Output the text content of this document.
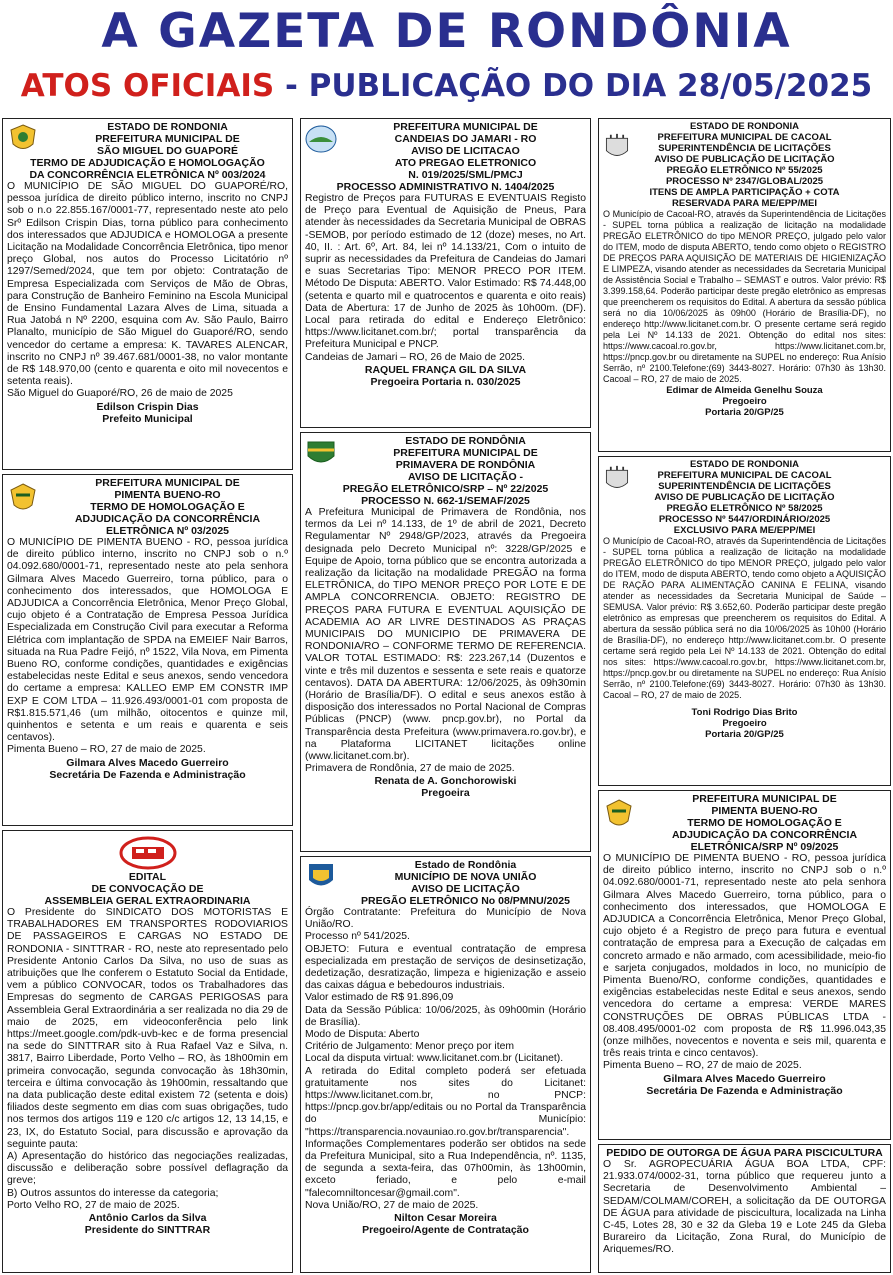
A GAZETA DE RONDÔNIA
ATOS OFICIAIS - PUBLICAÇÃO DO DIA 28/05/2025
ESTADO DE RONDONIA
PREFEITURA MUNICIPAL DE
SÃO MIGUEL DO GUAPORÉ
TERMO DE ADJUDICAÇÃO E HOMOLOGAÇÃO
DA CONCORRÊNCIA ELETRÔNICA Nº 003/2024

O MUNICÍPIO DE SÃO MIGUEL DO GUAPORÉ/RO, pessoa jurídica de direito público interno, inscrito no CNPJ sob o n.o 22.855.167/0001-77, representado neste ato pelo Srº Edilson Crispin Dias, torna público para conhecimento dos interessados que ADJUDICA e HOMOLOGA a presente Licitação na Modalidade Concorrência Eletrônica, tipo menor preço Global, nos autos do Processo Licitatório nº 1297/Semed/2024, que tem por objeto: Contratação de Empresa Especializada com Serviços de Mão de Obras, para Construção de Banheiro Feminino na Escola Municipal de Ensino Fundamental Lazara Alves de Lima, situada a Rua Jatobá n Nº 2200, esquina com Av. São Paulo, Bairro Planalto, município de São Miguel do Guaporé/RO, sendo vencedor do certame a empresa: K. TAVARES ALENCAR, inscrito no CNPJ nº 39.467.681/0001-38, no valor montante de R$ 148.970,00 (cento e quarenta e oito mil novecentos e setenta reais).

São Miguel do Guaporé/RO, 26 de maio de 2025

Edilson Crispin Dias
Prefeito Municipal
PREFEITURA MUNICIPAL DE
PIMENTA BUENO-RO
TERMO DE HOMOLOGAÇÃO E
ADJUDICAÇÃO DA CONCORRÊNCIA
ELETRÔNICA Nº 03/2025

O MUNICÍPIO DE PIMENTA BUENO - RO, pessoa jurídica de direito público interno, inscrito no CNPJ sob o n.º 04.092.680/0001-71, representado neste ato pela senhora Gilmara Alves Macedo Guerreiro, torna público, para o conhecimento dos interessados, que HOMOLOGA E ADJUDICA a Concorrência Eletrônica, Menor Preço Global, cujo objeto é a Contratação de Empresa Pessoa Jurídica Especializada em Construção Civil para executar a Reforma Elétrica com implantação de SPDA na EMEIEF Nair Barros, situada na Rua Padre Feijó, nº 1522, Vila Nova, em Pimenta Bueno RO, conforme condições, quantidades e exigências estabelecidas neste Edital e seus anexos, sendo vencedora do certame a empresa: KALLEO EMP EM CONSTR IMP EXP E COM LTDA – 11.926.493/0001-01 com proposta de R$1.815.571,46 (um milhão, oitocentos e quinze mil, quinhentos e setenta e um reais e quarenta e seis centavos).

Pimenta Bueno – RO, 27 de maio de 2025.

Gilmara Alves Macedo Guerreiro
Secretária De Fazenda e Administração
EDITAL
DE CONVOCAÇÃO DE
ASSEMBLEIA GERAL EXTRAORDINARIA

O Presidente do SINDICATO DOS MOTORISTAS E TRABALHADORES EM TRANSPORTES RODOVIARIOS DE PASSAGEIROS E CARGAS NO ESTADO DE RONDONIA - SINTTRAR - RO, neste ato representado pelo Presidente Antonio Carlos Da Silva, no uso de suas as atribuições que lhe conferem o Estatuto Social da Entidade, vem a público CONVOCAR, todos os Trabalhadores das Empresas do segmento de CARGAS PERIGOSAS para Assembleia Geral Extraordinária a ser realizada no dia 29 de maio de 2025, em videoconferência pelo link https://meet.google.com/pdk-uvb-kec e de forma presencial na sede do SINTTRAR sito à Rua Rafael Vaz e Silva, n. 3817, Bairro Liberdade, Porto Velho – RO, às 18h00min em primeira convocação, segunda convocação às 18h30min, terceira e última convocação às 19h00min, ressaltando que na data publicação deste edital existem 72 (setenta e dois) filiados deste segmento em dias com suas obrigações, tudo nos termos dos artigos 119 e 120 c/c artigos 12, 13 14,15, e 23, IX, do Estatuto Social, para discussão e aprovação da seguinte pauta:

A) Apresentação do histórico das negociações realizadas, discussão e deliberação sobre possível deflagração da greve;

B) Outros assuntos do interesse da categoria;

Porto Velho RO, 27 de maio de 2025.

Antônio Carlos da Silva
Presidente do SINTTRAR
PREFEITURA MUNICIPAL DE
CANDEIAS DO JAMARI - RO
AVISO DE LICITACAO
ATO PREGAO ELETRONICO
N. 019/2025/SML/PMCJ
PROCESSO ADMINISTRATIVO N. 1404/2025

Registro de Preços para FUTURAS E EVENTUAIS Registo de Preço para Eventual de Aquisição de Pneus, Para atender às necessidades da Secretaria Municipal de OBRAS -SEMOB, por período estimado de 12 (doze) meses, no Art. 40, II. : Art. 6º, Art. 84, lei nº 14.133/21, Com o intuito de suprir as necessidades da Prefeitura de Candeias do Jamari e suas Secretarias Tipo: MENOR PRECO POR ITEM. Método De Disputa: ABERTO. Valor Estimado: R$ 74.448,00 (setenta e quarto mil e quatrocentos e quarenta e oito reais) Data de Abertura: 17 de Junho de 2025 às 10h00m. (DF). Local para retirada do edital e Endereço Eletrônico: https://www.licitanet.com.br/; portal transparência da Prefeitura Municipal e PNCP.

Candeias de Jamari – RO, 26 de Maio de 2025.

RAQUEL FRANÇA GIL DA SILVA
Pregoeira Portaria n. 030/2025
ESTADO DE RONDÔNIA
PREFEITURA MUNICIPAL DE
PRIMAVERA DE RONDÔNIA
AVISO DE LICITAÇÃO -
PREGÃO ELETRÔNICO/SRP – Nº 22/2025
PROCESSO N. 662-1/SEMAF/2025

A Prefeitura Municipal de Primavera de Rondônia, nos termos da Lei nº 14.133, de 1º de abril de 2021, Decreto Regulamentar Nº 2948/GP/2023, através da Pregoeira designada pelo Decreto Municipal nº: 3228/GP/2025 e Equipe de Apoio, torna público que se encontra autorizada a realização da licitação na modalidade PREGÃO na forma ELETRÔNICA, do TIPO MENOR PREÇO POR LOTE E DE AMPLA CONCORRENCIA. OBJETO: REGISTRO DE PREÇOS PARA FUTURA E EVENTUAL AQUISIÇÃO DE ACADEMIA AO AR LIVRE DESTINADOS AS PRAÇAS MUNICIPAIS DO MUNICIPIO DE PRIMAVERA DE RONDONIA/RO – CONFORME TERMO DE REFERENCIA. VALOR TOTAL ESTIMADO: R$: 223.267,14 (Duzentos e vinte e três mil duzentos e sessenta e sete reais e quatorze centavos). DATA DA ABERTURA: 12/06/2025, às 09h30min (Horário de Brasília/DF). O edital e seus anexos estão à disposição dos interessados no Portal Nacional de Compras Públicas (PNCP) (www. pncp.gov.br), no Portal da Transparência desta Prefeitura (www.primavera.ro.gov.br), e na Plataforma LICITANET licitações online (www.licitanet.com.br).

Primavera de Rondônia, 27 de maio de 2025.

Renata de A. Gonchorowiski
Pregoeira
Estado de Rondônia
MUNICÍPIO DE NOVA UNIÃO
AVISO DE LICITAÇÃO
PREGÃO ELETRÔNICO No 08/PMNU/2025

Órgão Contratante: Prefeitura do Município de Nova União/RO.

Processo nº 541/2025.

OBJETO: Futura e eventual contratação de empresa especializada em prestação de serviços de desinsetização, dedetização, desratização, limpeza e higienização e asseio das caixas dágua e bebedouros industriais.

Valor estimado de R$ 91.896,09

Data da Sessão Pública: 10/06/2025, às 09h00min (Horário de Brasília).

Modo de Disputa: Aberto

Critério de Julgamento: Menor preço por item

Local da disputa virtual: www.licitanet.com.br (Licitanet).

A retirada do Edital completo poderá ser efetuada gratuitamente nos sites do Licitanet: https://www.licitanet.com.br, no PNCP: https://pncp.gov.br/app/editais ou no Portal da Transparência do Município: "https://transparencia.novauniao.ro.gov.br/transparencia".

Informações Complementares poderão ser obtidos na sede da Prefeitura Municipal, sito a Rua Independência, nº. 1135, de segunda a sexta-feira, das 07h00min, às 13h00min, exceto feriado, e pelo e-mail "falecomniltoncesar@gmail.com".

Nova União/RO, 27 de maio de 2025.

Nilton Cesar Moreira
Pregoeiro/Agente de Contratação
ESTADO DE RONDONIA
PREFEITURA MUNICIPAL DE CACOAL
SUPERINTENDÊNCIA DE LICITAÇÕES
AVISO DE PUBLICAÇÃO DE LICITAÇÃO
PREGÃO ELETRÔNICO Nº 55/2025
PROCESSO Nº 2347/GLOBAL/2025
ITENS DE AMPLA PARTICIPAÇÃO + COTA
RESERVADA PARA ME/EPP/MEI

O Município de Cacoal-RO, através da Superintendência de Licitações - SUPEL torna pública a realização de licitação na modalidade PREGÃO ELETRÔNICO do tipo MENOR PREÇO, julgado pelo valor do ITEM, modo de disputa ABERTO, tendo como objeto o REGISTRO DE PREÇOS PARA AQUISIÇÃO DE MATERIAIS DE HIGIENIZAÇÃO E LIMPEZA, visando atender as necessidades da Secretaria Municipal de Assistência Social e Trabalho – SEMAST e outros. Valor prévio: R$ 3.399.158,64. Poderão participar deste pregão eletrônico as empresas que preencherem os requisitos do Edital. A abertura da sessão pública será no dia 10/06/2025 às 09h00 (Horário de Brasília-DF), no endereço http://www.licitanet.com.br. O presente certame será regido pela Lei Nº 14.133 de 2021. Obtenção do edital nos sites: https://www.cacoal.ro.gov.br, https://www.licitanet.com.br, https://pncp.gov.br ou diretamente na SUPEL no endereço: Rua Anísio Serrão, nº 2100.Telefone:(69) 3443-8027. Horário: 07h30 às 13h30. Cacoal – RO, 27 de maio de 2025.

Edimar de Almeida Genelhu Souza
Pregoeiro
Portaria 20/GP/25
ESTADO DE RONDONIA
PREFEITURA MUNICIPAL DE CACOAL
SUPERINTENDÊNCIA DE LICITAÇÕES
AVISO DE PUBLICAÇÃO DE LICITAÇÃO
PREGÃO ELETRÔNICO Nº 58/2025
PROCESSO Nº 5447/ORDINÁRIO/2025
EXCLUSIVO PARA ME/EPP/MEI

O Município de Cacoal-RO, através da Superintendência de Licitações - SUPEL torna pública a realização de licitação na modalidade PREGÃO ELETRÔNICO do tipo MENOR PREÇO, julgado pelo valor do ITEM, modo de disputa ABERTO, tendo como objeto a AQUISIÇÃO DE RAÇÃO PARA ALIMENTAÇÃO CANINA E FELINA, visando atender as necessidades da Secretaria Municipal de Saúde – SEMUSA. Valor prévio: R$ 3.652,60. Poderão participar deste pregão eletrônico as empresas que preencherem os requisitos do Edital. A abertura da sessão pública será no dia 10/06/2025 às 10h00 (Horário de Brasília-DF), no endereço http://www.licitanet.com.br. O presente certame será regido pela Lei Nº 14.133 de 2021. Obtenção do edital nos sites: https://www.cacoal.ro.gov.br, https://www.licitanet.com.br, https://pncp.gov.br ou diretamente na SUPEL no endereço: Rua Anísio Serrão, nº 2100.Telefone:(69) 3443-8027. Horário: 07h30 às 13h30. Cacoal – RO, 27 de maio de 2025.

Toni Rodrigo Dias Brito
Pregoeiro
Portaria 20/GP/25
PREFEITURA MUNICIPAL DE
PIMENTA BUENO-RO
TERMO DE HOMOLOGAÇÃO E
ADJUDICAÇÃO DA CONCORRÊNCIA
ELETRÔNICA/SRP Nº 09/2025

O MUNICÍPIO DE PIMENTA BUENO - RO, pessoa jurídica de direito público interno, inscrito no CNPJ sob o n.º 04.092.680/0001-71, representado neste ato pela senhora Gilmara Alves Macedo Guerreiro, torna público, para o conhecimento dos interessados, que HOMOLOGA E ADJUDICA a Concorrência Eletrônica, Menor Preço Global, cujo objeto é a Registro de preço para futura e eventual contratação de empresa para a Execução de calçadas em concreto armado e não armado, com acessibilidade, meio-fio e sarjeta conjugados, moldados in loco, no município de Pimenta Bueno/RO, conforme condições, quantidades e exigências estabelecidas neste Edital e seus anexos, sendo vencedora do certame a empresa: VERDE MARES CONSTRUÇÕES DE OBRAS PÚBLICAS LTDA - 08.408.495/0001-02 com proposta de R$ 11.996.043,35 (onze milhões, novecentos e noventa e seis mil, quarenta e três reais trinta e cinco centavos).

Pimenta Bueno – RO, 27 de maio de 2025.

Gilmara Alves Macedo Guerreiro
Secretária De Fazenda e Administração
PEDIDO DE OUTORGA DE ÁGUA PARA PISCICULTURA

O Sr. AGROPECUÁRIA ÁGUA BOA LTDA, CPF: 21.933.074/0002-31, torna público que requereu junto a Secretaria de Desenvolvimento Ambiental – SEDAM/COLMAM/COREH, a solicitação da DE OUTORGA DE ÁGUA para atividade de piscicultura, localizada na Linha C-45, Lotes 28, 30 e 32 da Gleba 19 e Lote 245 da Gleba Burareiro da Licitação, Zona Rural, do Município de Ariquemes/RO.
